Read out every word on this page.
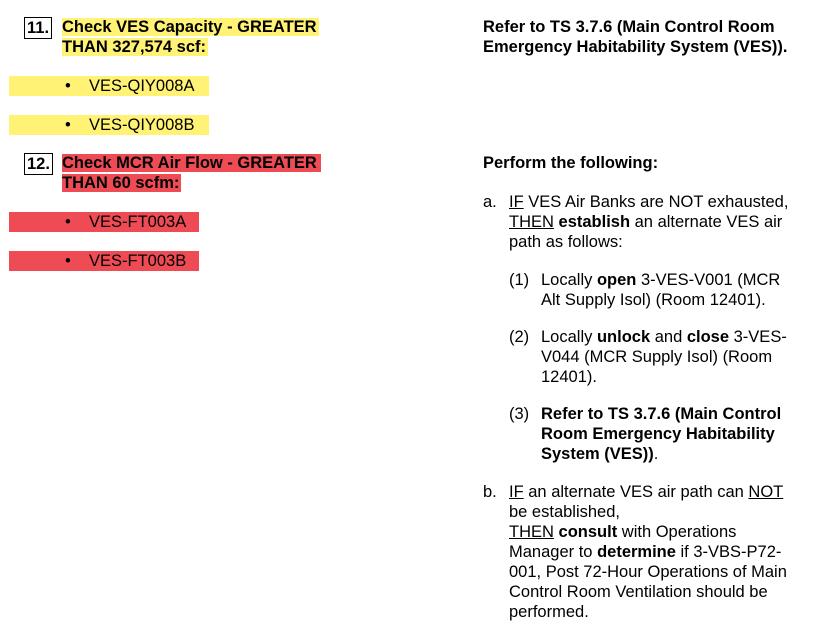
11. Check VES Capacity - GREATER
THAN 327,574 scf:
• VES-QIY008A

• VES-QIY008B

Refer to TS 3.7.6 (Main Control Room
Emergency Habitability System (VES)).
12. Check MCR Air Flow - GREATER
THAN 60 scfm:
• VES-FT003A

• VES-FT003B

Perform the following:
a. IF VES Air Banks are NOT exhausted,
THEN establish an alternate VES air
path as follows:
(1) Locally open 3-VES-V001 (MCR
Alt Supply Isol) (Room 12401).
(2) Locally unlock and close 3-VES-
V044 (MCR Supply Isol) (Room
12401).
(3) Refer to TS 3.7.6 (Main Control
Room Emergency Habitability
System (VES)).
b. IF an alternate VES air path can NOT
be established,
THEN consult with Operations
Manager to determine if 3-VBS-P72-
001, Post 72-Hour Operations of Main
Control Room Ventilation should be
performed.
